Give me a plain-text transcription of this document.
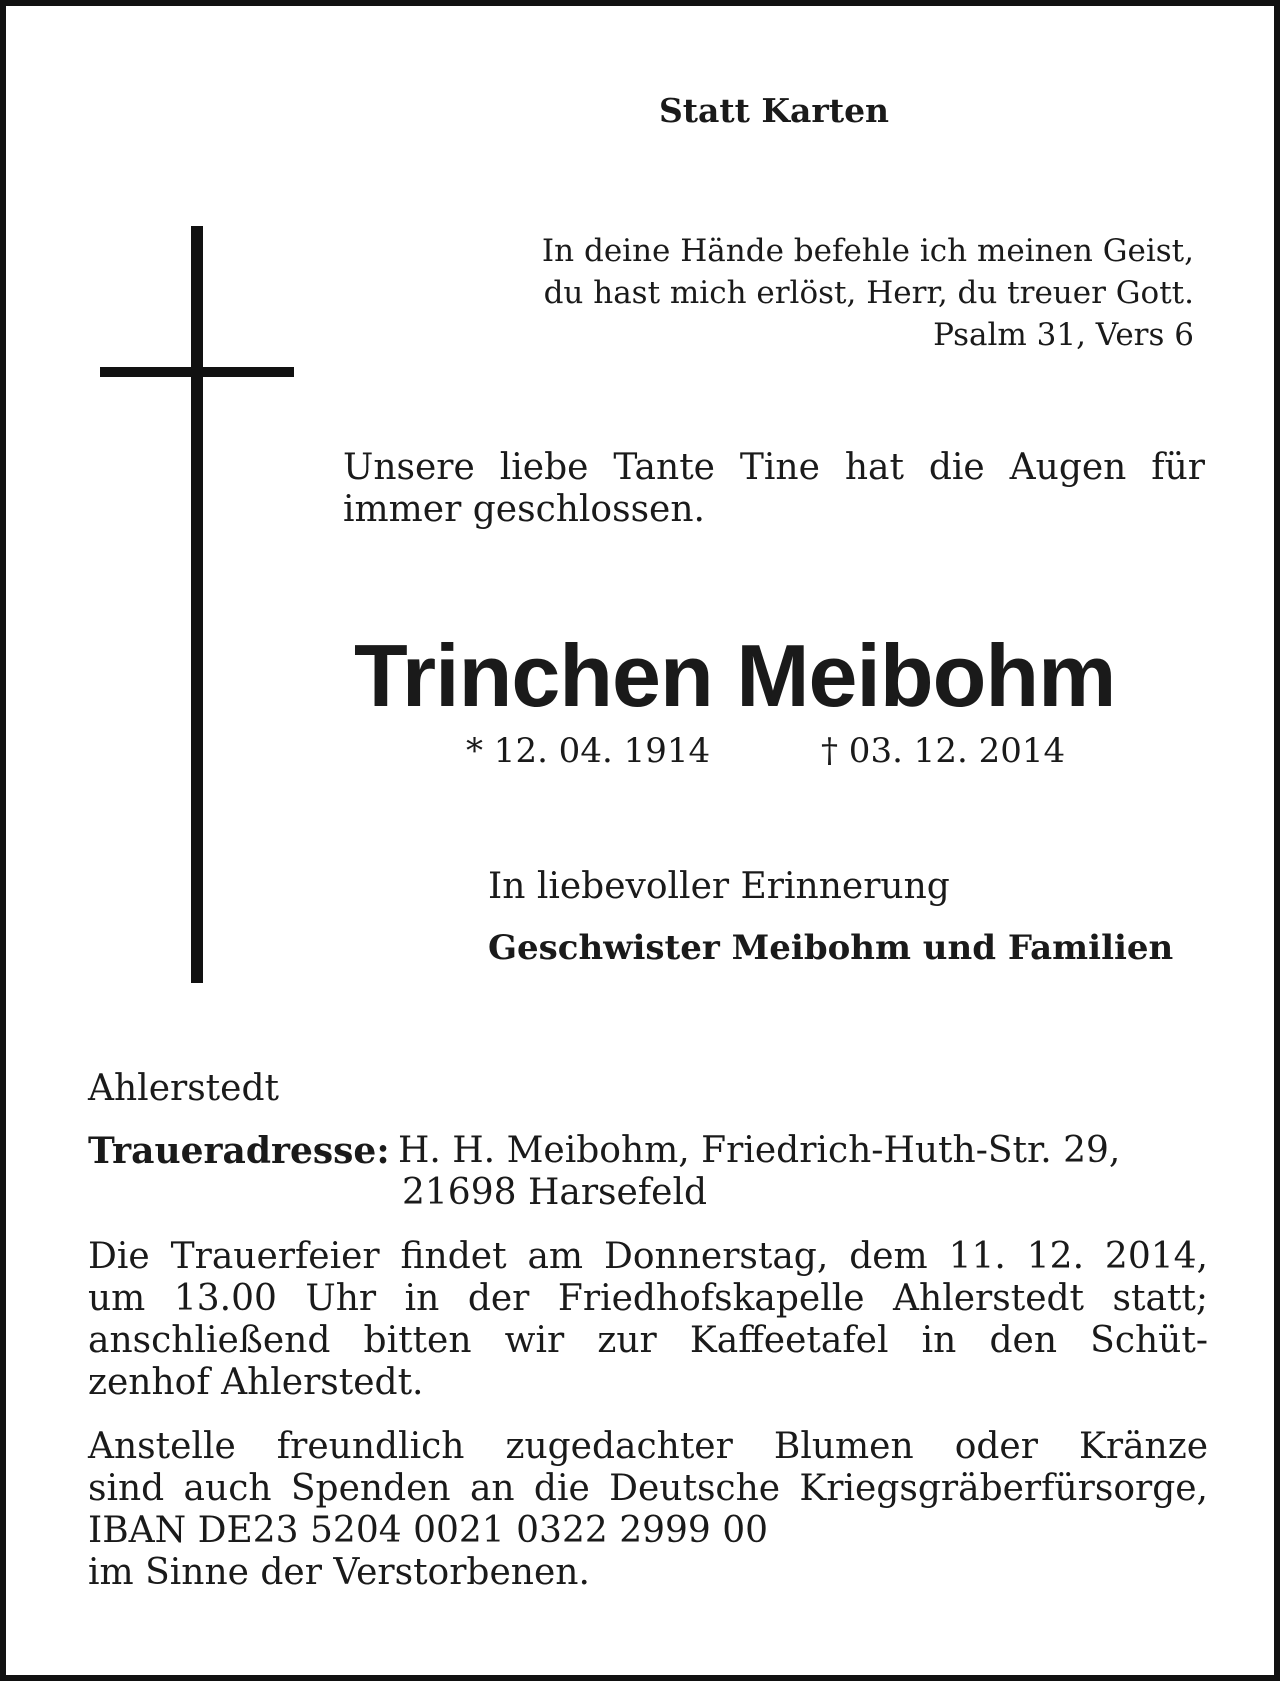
Statt Karten
In deine Hände befehle ich meinen Geist,
du hast mich erlöst, Herr, du treuer Gott.
Psalm 31, Vers 6
Unsere liebe Tante Tine hat die Augen für
immer geschlossen.
Trinchen Meibohm
* 12. 04. 1914	† 03. 12. 2014
In liebevoller Erinnerung
Geschwister Meibohm und Familien
Ahlerstedt
Traueradresse: H. H. Meibohm, Friedrich-Huth-Str. 29,
21698 Harsefeld
Die Trauerfeier findet am Donnerstag, dem 11. 12. 2014,
um 13.00 Uhr in der Friedhofskapelle Ahlerstedt statt;
anschließend bitten wir zur Kaffeetafel in den Schüt-
zenhof Ahlerstedt.
Anstelle freundlich zugedachter Blumen oder Kränze
sind auch Spenden an die Deutsche Kriegsgräberfürsorge,
IBAN DE23 5204 0021 0322 2999 00
im Sinne der Verstorbenen.
